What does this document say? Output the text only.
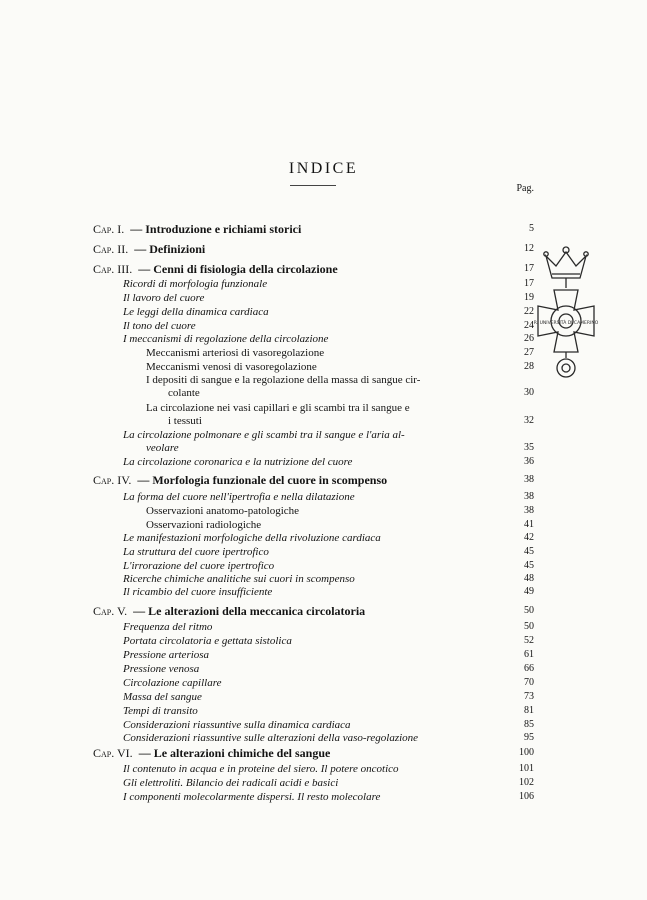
INDICE
Pag.
Cap. I. — Introduzione e richiami storici	5
Cap. II. — Definizioni	12
Cap. III. — Cenni di fisiologia della circolazione	17
Ricordi di morfologia funzionale	17
Il lavoro del cuore	19
Le leggi della dinamica cardiaca	22
Il tono del cuore	24
I meccanismi di regolazione della circolazione	26
Meccanismi arteriosi di vasoregolazione	27
Meccanismi venosi di vasoregolazione	28
I depositi di sangue e la regolazione della massa di sangue cir-
colante	30
La circolazione nei vasi capillari e gli scambi tra il sangue e
i tessuti	32
La circolazione polmonare e gli scambi tra il sangue e l'aria al-
veolare	35
La circolazione coronarica e la nutrizione del cuore	36
Cap. IV. — Morfologia funzionale del cuore in scompenso	38
La forma del cuore nell'ipertrofia e nella dilatazione	38
Osservazioni anatomo-patologiche	38
Osservazioni radiologiche	41
Le manifestazioni morfologiche della rivoluzione cardiaca	42
La struttura del cuore ipertrofico	45
L'irrorazione del cuore ipertrofico	45
Ricerche chimiche analitiche sui cuori in scompenso	48
Il ricambio del cuore insufficiente	49
Cap. V. — Le alterazioni della meccanica circolatoria	50
Frequenza del ritmo	50
Portata circolatoria e gettata sistolica	52
Pressione arteriosa	61
Pressione venosa	66
Circolazione capillare	70
Massa del sangue	73
Tempi di transito	81
Considerazioni riassuntive sulla dinamica cardiaca	85
Considerazioni riassuntive sulle alterazioni della vaso-regolazione	95
Cap. VI. — Le alterazioni chimiche del sangue	100
Il contenuto in acqua e in proteine del siero. Il potere oncotico	101
Gli elettroliti. Bilancio dei radicali acidi e basici	102
I componenti molecolarmente dispersi. Il resto molecolare	106
R. UNIVERSITÀ DI CAMERINO
